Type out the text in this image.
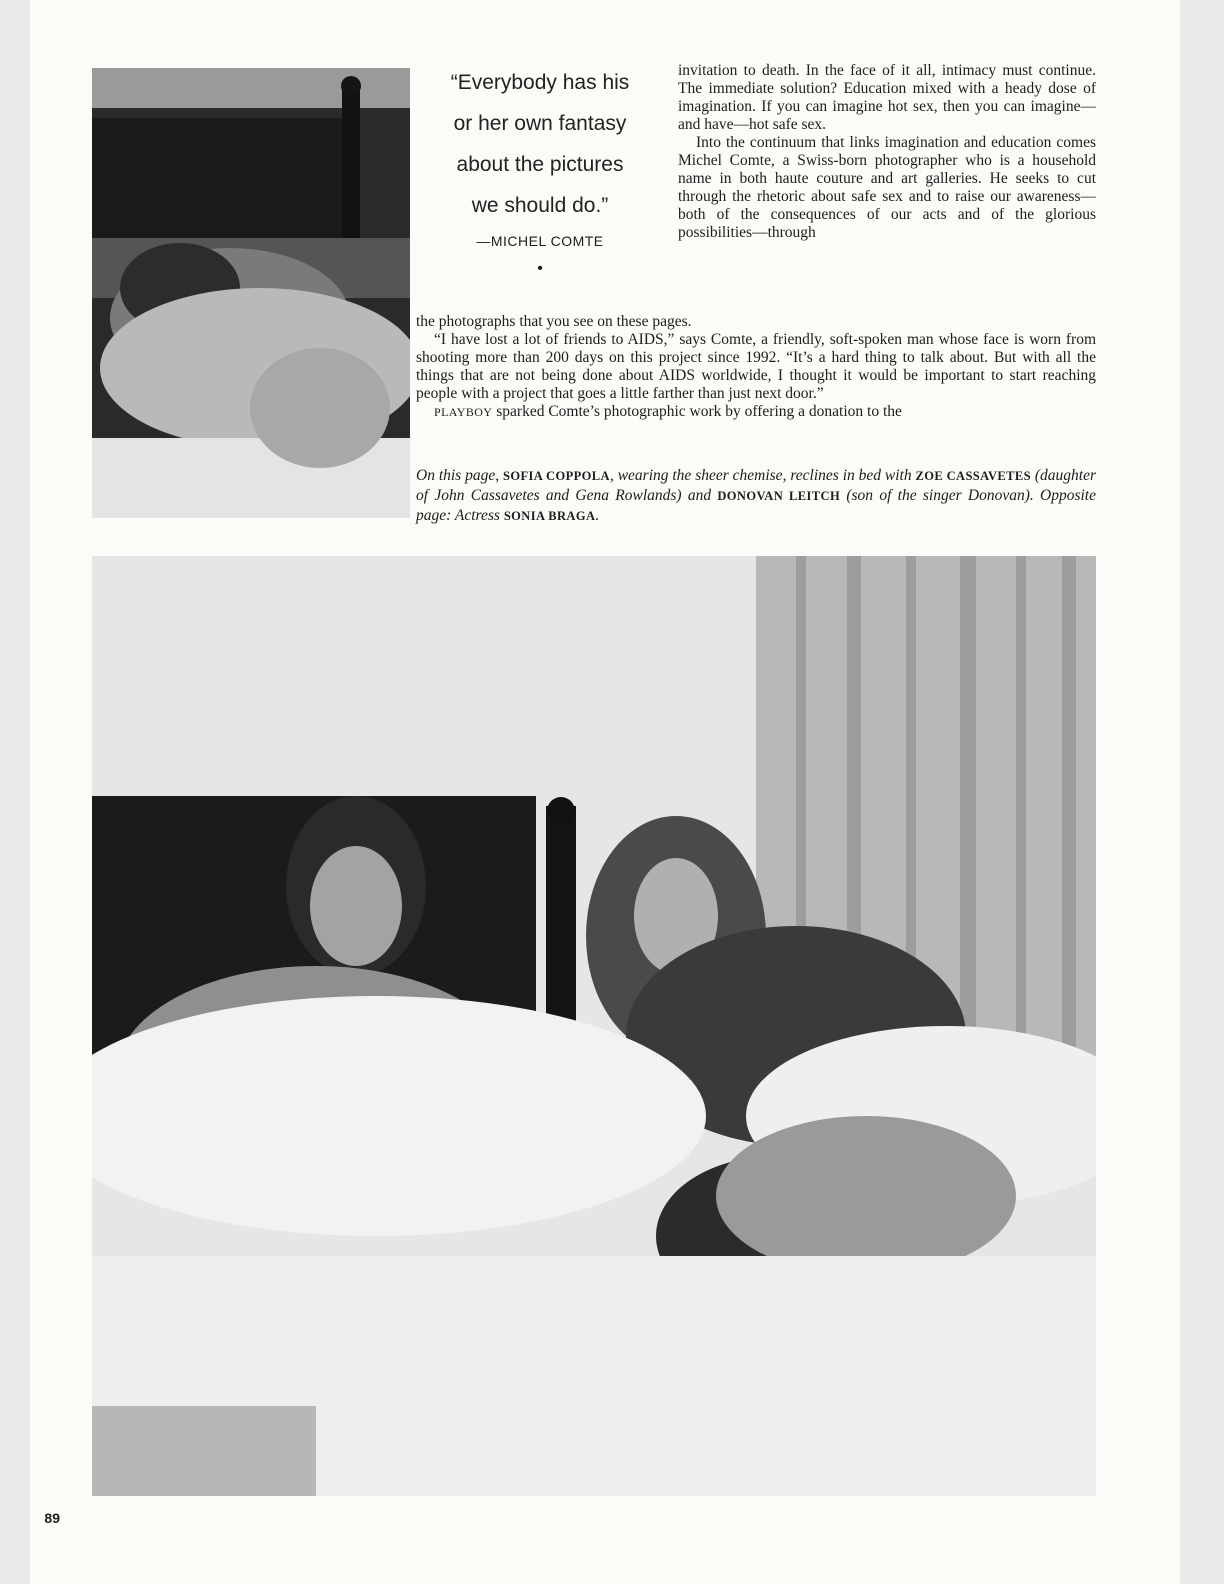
“Everybody has his
or her own fantasy
about the pictures
we should do.”
—MICHEL COMTE
•

invitation to death. In the face of it all, intimacy must continue. The immediate solution? Education mixed with a heady dose of imagination. If you can imagine hot sex, then you can imagine—and have—hot safe sex.

Into the continuum that links imagination and education comes Michel Comte, a Swiss-born photographer who is a household name in both haute couture and art galleries. He seeks to cut through the rhetoric about safe sex and to raise our awareness—both of the consequences of our acts and of the glorious possibilities—through

the photographs that you see on these pages.

“I have lost a lot of friends to AIDS,” says Comte, a friendly, soft-spoken man whose face is worn from shooting more than 200 days on this project since 1992. “It’s a hard thing to talk about. But with all the things that are not being done about AIDS worldwide, I thought it would be important to start reaching people with a project that goes a little farther than just next door.”

PLAYBOY sparked Comte’s photographic work by offering a donation to the

On this page, SOFIA COPPOLA, wearing the sheer chemise, reclines in bed with ZOE CASSAVETES (daughter of John Cassavetes and Gena Rowlands) and DONOVAN LEITCH (son of the singer Donovan). Opposite page: Actress SONIA BRAGA.
89
